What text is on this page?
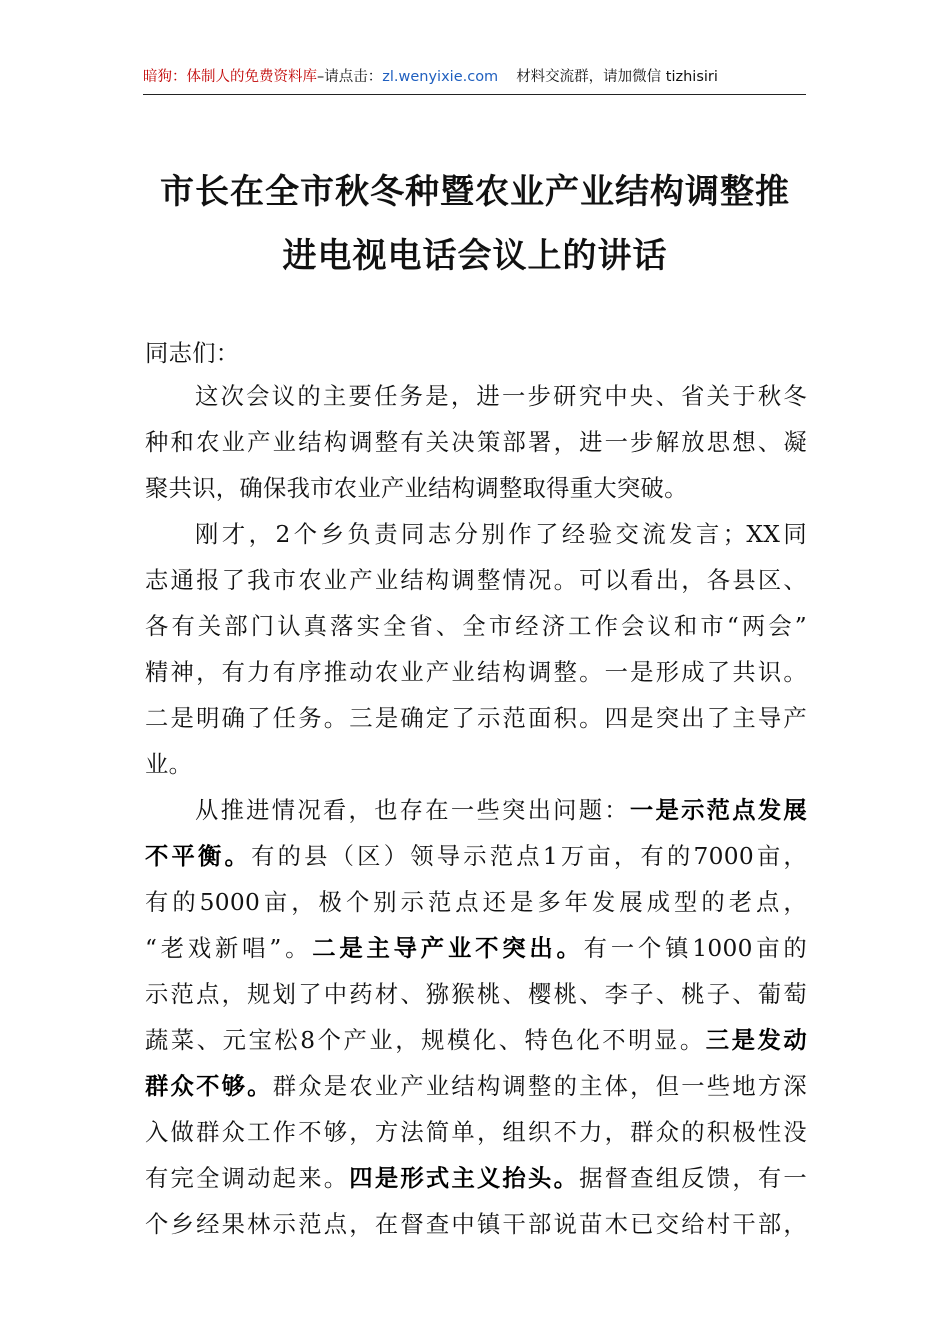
暗狗：体制人的免费资料库–请点击：zl.wenyixie.com 材料交流群，请加微信 tizhisiri
市长在全市秋冬种暨农业产业结构调整推
进电视电话会议上的讲话
同志们：
这次会议的主要任务是，进一步研究中央、省关于秋冬
种和农业产业结构调整有关决策部署，进一步解放思想、凝
聚共识，确保我市农业产业结构调整取得重大突破。
刚才，2个乡负责同志分别作了经验交流发言；XX同
志通报了我市农业产业结构调整情况。可以看出，各县区、
各有关部门认真落实全省、全市经济工作会议和市“两会”
精神，有力有序推动农业产业结构调整。一是形成了共识。
二是明确了任务。三是确定了示范面积。四是突出了主导产
业。
从推进情况看，也存在一些突出问题：一是示范点发展
不平衡。有的县（区）领导示范点1万亩，有的7000亩，
有的5000亩，极个别示范点还是多年发展成型的老点，
“老戏新唱”。二是主导产业不突出。有一个镇1000亩的
示范点，规划了中药材、猕猴桃、樱桃、李子、桃子、葡萄
蔬菜、元宝松8个产业，规模化、特色化不明显。三是发动
群众不够。群众是农业产业结构调整的主体，但一些地方深
入做群众工作不够，方法简单，组织不力，群众的积极性没
有完全调动起来。四是形式主义抬头。据督查组反馈，有一
个乡经果林示范点，在督查中镇干部说苗木已交给村干部，
